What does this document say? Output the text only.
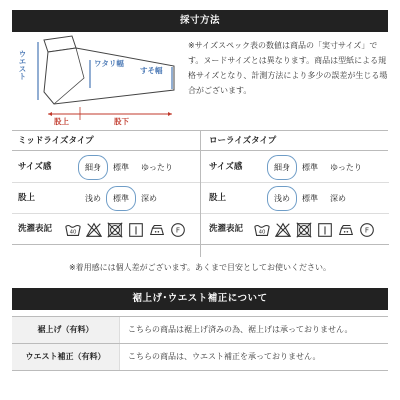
採寸方法
ウエスト	ワタリ幅
すそ幅
股上	股下
※サイズスペック表の数値は商品の「実寸サイズ」です。ヌードサイズとは異なります。商品は型紙による規格サイズとなり、計測方法により多少の誤差が生じる場合がございます。
ミッドライズタイプ
サイズ感	細身	標準	ゆったり
股上	浅め	標準	深め
洗濯表記	40	F
ローライズタイプ
サイズ感	細身	標準	ゆったり
股上	浅め	標準	深め
洗濯表記	40	F
※着用感には個人差がございます。あくまで目安としてお使いください。
裾上げ･ウエスト補正について
裾上げ（有料）	こちらの商品は裾上げ済みの為、裾上げは承っておりません。
ウエスト補正（有料）	こちらの商品は、ウエスト補正を承っておりません。
